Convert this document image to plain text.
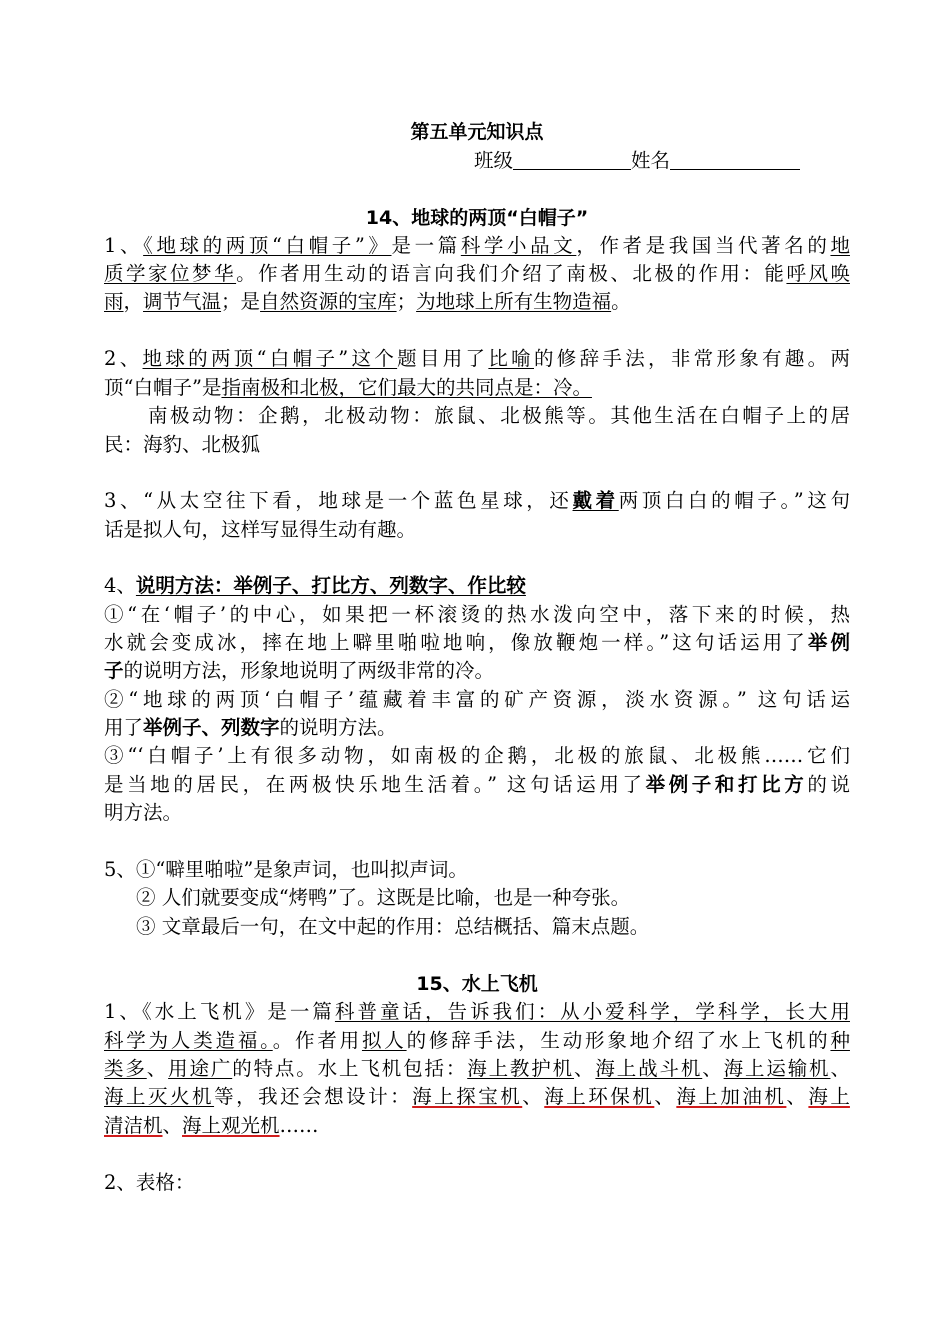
第五单元知识点
班级	姓名
14、地球的两顶“白帽子”
1、《地球的两顶“白帽子”》是一篇科学小品文，作者是我国当代著名的地
质学家位梦华。作者用生动的语言向我们介绍了南极、北极的作用：能呼风唤
雨，调节气温；是自然资源的宝库；为地球上所有生物造福。
2、地球的两顶“白帽子”这个题目用了比喻的修辞手法，非常形象有趣。两
顶“白帽子”是指南极和北极，它们最大的共同点是：冷。
南极动物：企鹅，北极动物：旅鼠、北极熊等。其他生活在白帽子上的居
民：海豹、北极狐
3、“从太空往下看，地球是一个蓝色星球，还戴着两顶白白的帽子。”这句
话是拟人句，这样写显得生动有趣。
4、说明方法：举例子、打比方、列数字、作比较
①“在‘帽子’的中心，如果把一杯滚烫的热水泼向空中，落下来的时候，热
水就会变成冰，摔在地上噼里啪啦地响，像放鞭炮一样。”这句话运用了举例
子的说明方法，形象地说明了两级非常的冷。
②“地球的两顶‘白帽子’蕴藏着丰富的矿产资源，淡水资源。” 这句话运
用了举例子、列数字的说明方法。
③“‘白帽子’上有很多动物，如南极的企鹅，北极的旅鼠、北极熊……它们
是当地的居民，在两极快乐地生活着。” 这句话运用了举例子和打比方的说
明方法。
5、①“噼里啪啦”是象声词，也叫拟声词。
② 人们就要变成“烤鸭”了。这既是比喻，也是一种夸张。
③ 文章最后一句，在文中起的作用：总结概括、篇末点题。
15、水上飞机
1、《水上飞机》是一篇科普童话，告诉我们：从小爱科学，学科学，长大用
科学为人类造福。。作者用拟人的修辞手法，生动形象地介绍了水上飞机的种
类多、用途广的特点。水上飞机包括：海上教护机、海上战斗机、海上运输机、
海上灭火机等，我还会想设计：海上探宝机、海上环保机、海上加油机、海上
清洁机、海上观光机……
2、表格：
